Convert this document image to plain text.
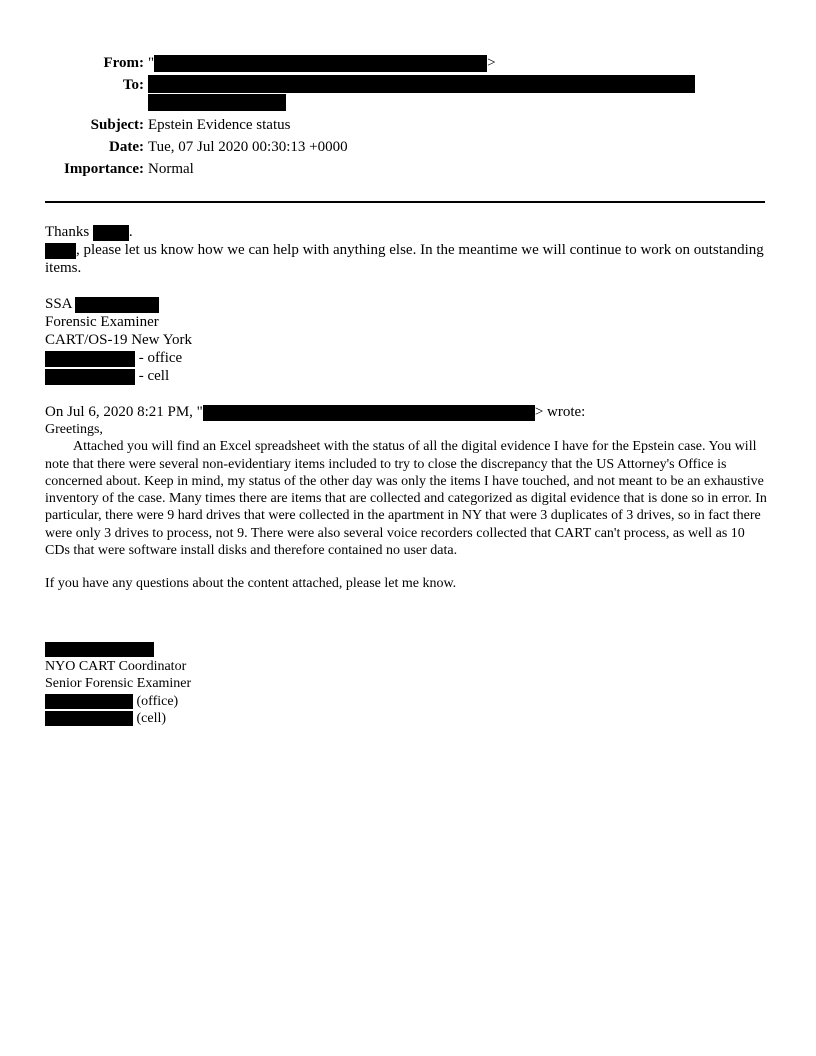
From: "	>
To:
Subject: Epstein Evidence status
Date: Tue, 07 Jul 2020 00:30:13 +0000
Importance: Normal

Thanks	.

, please let us know how we can help with anything else. In the meantime we will continue to work on outstanding items.

SSA

Forensic Examiner

CART/OS-19 New York

- office

- cell

On Jul 6, 2020 8:21 PM, "	> wrote:

Greetings,

Attached you will find an Excel spreadsheet with the status of all the digital evidence I have for the Epstein case. You will note that there were several non-evidentiary items included to try to close the discrepancy that the US Attorney's Office is concerned about. Keep in mind, my status of the other day was only the items I have touched, and not meant to be an exhaustive inventory of the case. Many times there are items that are collected and categorized as digital evidence that is done so in error. In particular, there were 9 hard drives that were collected in the apartment in NY that were 3 duplicates of 3 drives, so in fact there were only 3 drives to process, not 9. There were also several voice recorders collected that CART can't process, as well as 10 CDs that were software install disks and therefore contained no user data.

If you have any questions about the content attached, please let me know.

NYO CART Coordinator

Senior Forensic Examiner

(office)

(cell)
